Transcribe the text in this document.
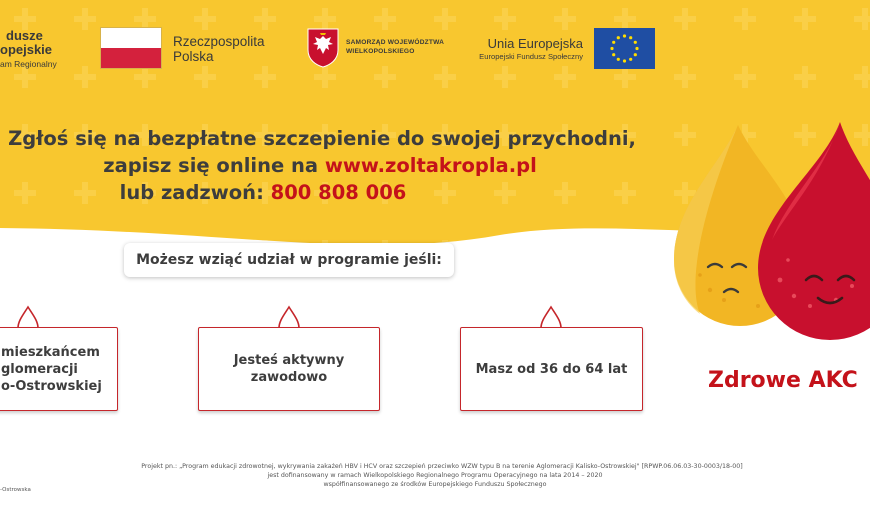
dusze
opejskie
am Regionalny
Rzeczpospolita
Polska
SAMORZĄD WOJEWÓDZTWA
WIELKOPOLSKIEGO
Unia Europejska
Europejski Fundusz Społeczny
Zgłoś się na bezpłatne szczepienie do swojej przychodni,
zapisz się online na www.zoltakropla.pl
lub zadzwoń: 800 808 006
Możesz wziąć udział w programie jeśli:
mieszkańcem
glomeracji
o-Ostrowskiej
Jesteś aktywny
zawodowo
Masz od 36 do 64 lat	Zdrowe AKC
Projekt pn.: „Program edukacji zdrowotnej, wykrywania zakażeń HBV i HCV oraz szczepień przeciwko WZW typu B na terenie Aglomeracji Kalisko-Ostrowskiej" [RPWP.06.06.03-30-0003/18-00]
jest dofinansowany w ramach Wielkopolskiego Regionalnego Programu Operacyjnego na lata 2014 – 2020
współfinansowanego ze środków Europejskiego Funduszu Społecznego
-Ostrowska
